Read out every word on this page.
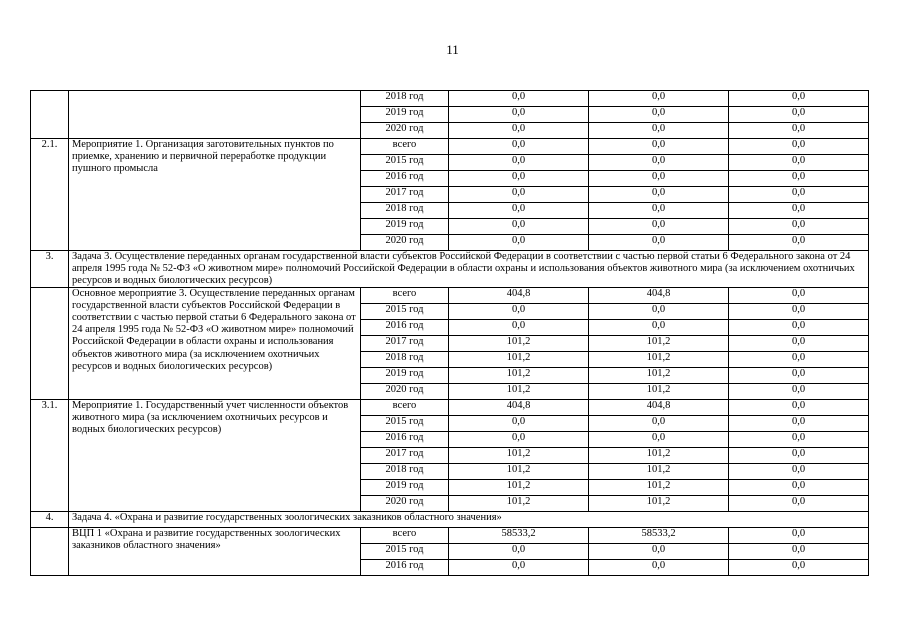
11
		2018 год	0,0	0,0	0,0
		2019 год	0,0	0,0	0,0
		2020 год	0,0	0,0	0,0
2.1.	Мероприятие 1. Организация заготовительных пунктов по приемке, хранению и первичной переработке продукции пушного промысла	всего	0,0	0,0	0,0
		2015 год	0,0	0,0	0,0
		2016 год	0,0	0,0	0,0
		2017 год	0,0	0,0	0,0
		2018 год	0,0	0,0	0,0
		2019 год	0,0	0,0	0,0
		2020 год	0,0	0,0	0,0
3.	Задача 3. Осуществление переданных органам государственной власти субъектов Российской Федерации в соответствии с частью первой статьи 6 Федерального закона от 24 апреля 1995 года № 52-ФЗ «О животном мире» полномочий Российской Федерации в области охраны и использования объектов животного мира (за исключением охотничьих ресурсов и водных биологических ресурсов)				
	Основное мероприятие 3. Осуществление переданных органам государственной власти субъектов Российской Федерации в соответствии с частью первой статьи 6 Федерального закона от 24 апреля 1995 года № 52-ФЗ «О животном мире» полномочий Российской Федерации в области охраны и использования объектов животного мира (за исключением охотничьих ресурсов и водных биологических ресурсов)	всего	404,8	404,8	0,0
		2015 год	0,0	0,0	0,0
		2016 год	0,0	0,0	0,0
		2017 год	101,2	101,2	0,0
		2018 год	101,2	101,2	0,0
		2019 год	101,2	101,2	0,0
		2020 год	101,2	101,2	0,0
3.1.	Мероприятие 1. Государственный учет численности объектов животного мира (за исключением охотничьих ресурсов и водных биологических ресурсов)	всего	404,8	404,8	0,0
		2015 год	0,0	0,0	0,0
		2016 год	0,0	0,0	0,0
		2017 год	101,2	101,2	0,0
		2018 год	101,2	101,2	0,0
		2019 год	101,2	101,2	0,0
		2020 год	101,2	101,2	0,0
4.	Задача 4. «Охрана и развитие государственных зоологических заказников областного значения»				
	ВЦП 1 «Охрана и развитие государственных зоологических заказников областного значения»	всего	58533,2	58533,2	0,0
		2015 год	0,0	0,0	0,0
		2016 год	0,0	0,0	0,0
